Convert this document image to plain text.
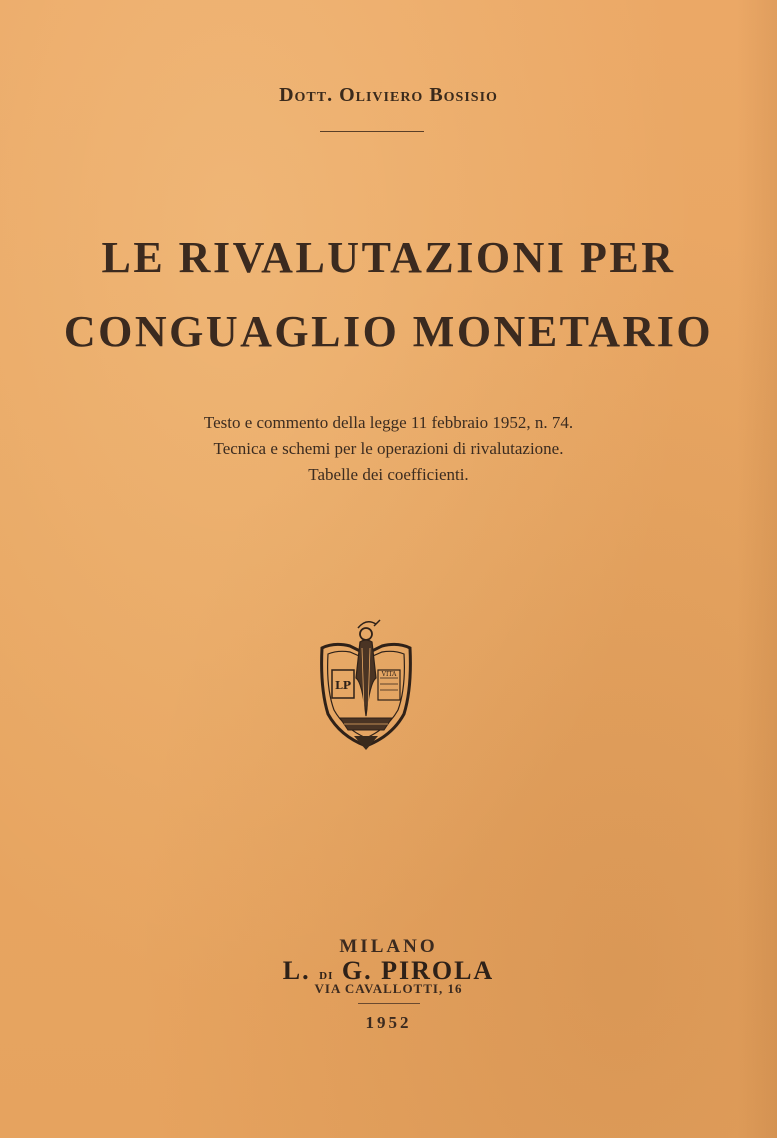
Dott. Oliviero Bosisio
LE RIVALUTAZIONI PER
CONGUAGLIO MONETARIO
Testo e commento della legge 11 febbraio 1952, n. 74.
Tecnica e schemi per le operazioni di rivalutazione.
Tabelle dei coefficienti.
LP
VITA
MILANO
L. di G. PIROLA
VIA CAVALLOTTI, 16
1952
